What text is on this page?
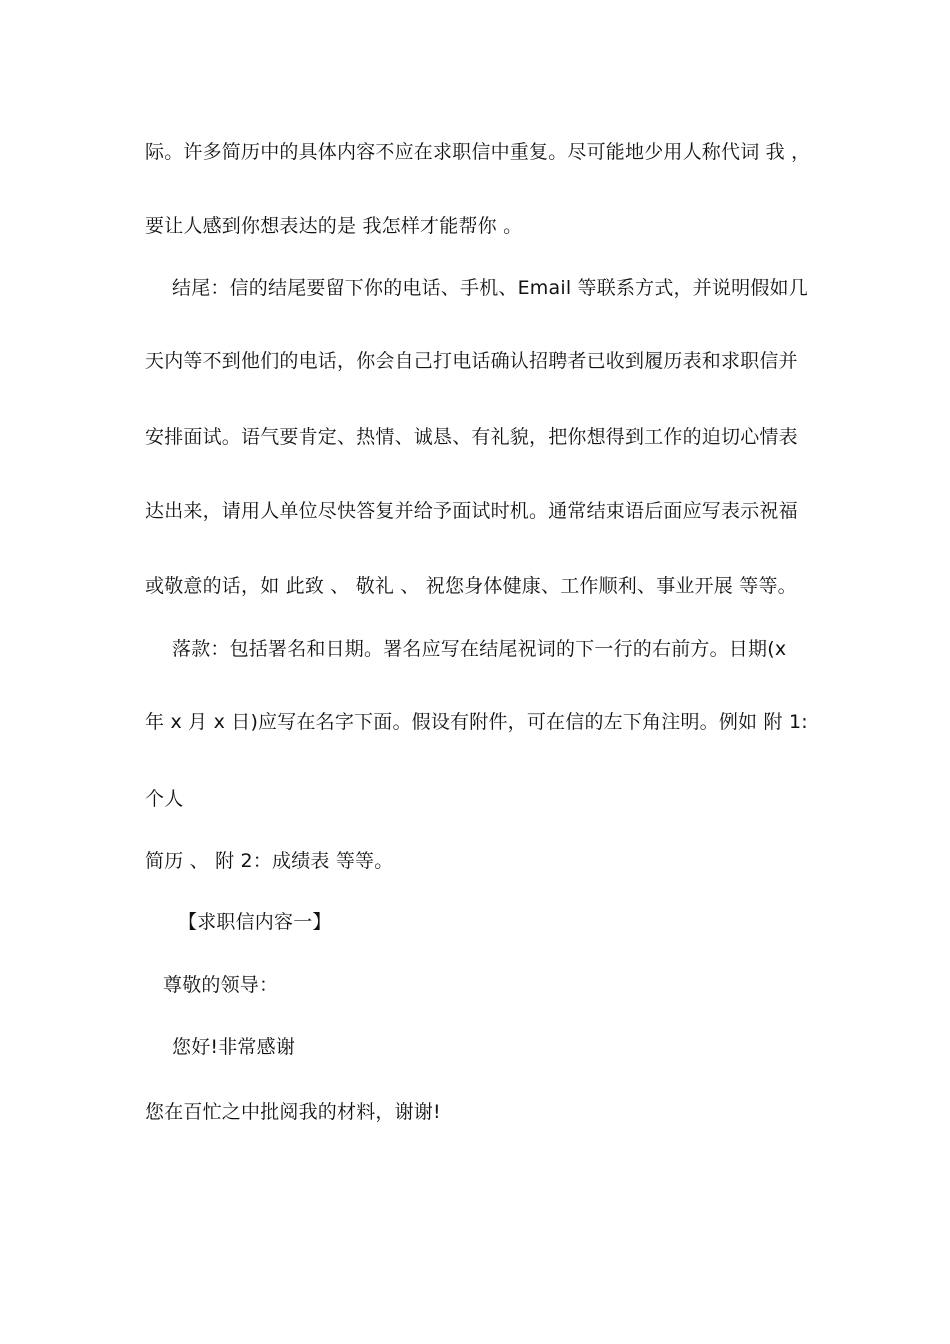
际。许多简历中的具体内容不应在求职信中重复。尽可能地少用人称代词 我 ，
要让人感到你想表达的是 我怎样才能帮你 。
结尾：信的结尾要留下你的电话、手机、Email 等联系方式，并说明假如几
天内等不到他们的电话，你会自己打电话确认招聘者已收到履历表和求职信并
安排面试。语气要肯定、热情、诚恳、有礼貌，把你想得到工作的迫切心情表
达出来，请用人单位尽快答复并给予面试时机。通常结束语后面应写表示祝福
或敬意的话，如 此致 、 敬礼 、 祝您身体健康、工作顺利、事业开展 等等。
落款：包括署名和日期。署名应写在结尾祝词的下一行的右前方。日期(x
年 x 月 x 日)应写在名字下面。假设有附件，可在信的左下角注明。例如 附 1:
个人
简历 、 附 2：成绩表 等等。
【求职信内容一】
尊敬的领导：
您好!非常感谢
您在百忙之中批阅我的材料，谢谢!
